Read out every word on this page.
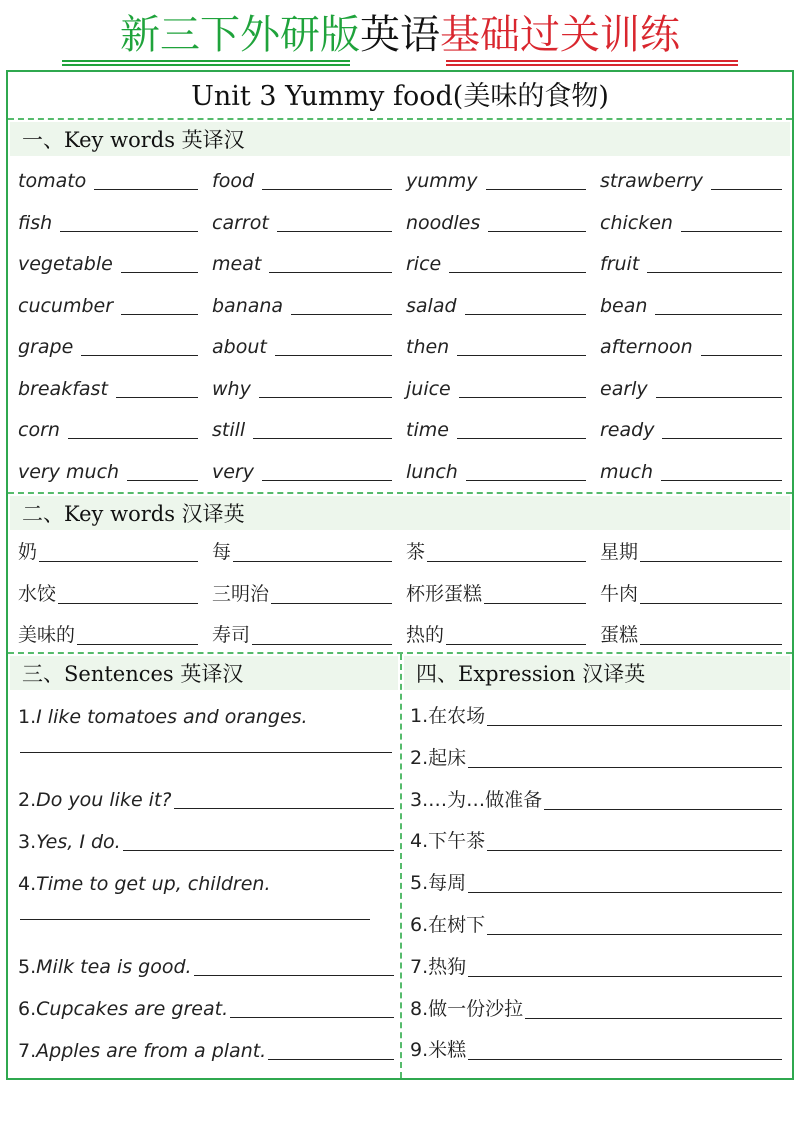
新三下外研版英语基础过关训练
Unit 3 Yummy food(美味的食物)
一、Key words 英译汉
tomato	food	yummy	strawberry
fish	carrot	noodles	chicken
vegetable	meat	rice	fruit
cucumber	banana	salad	bean
grape	about	then	afternoon
breakfast	why	juice	early
corn	still	time	ready
very much	very	lunch	much
二、Key words 汉译英
奶	每	茶	星期
水饺	三明治	杯形蛋糕	牛肉
美味的	寿司	热的	蛋糕
三、Sentences 英译汉
1.I like tomatoes and oranges.
2.Do you like it?
3.Yes, I do.
4.Time to get up, children.
5.Milk tea is good.
6.Cupcakes are great.
7.Apples are from a plant.
四、Expression 汉译英
1.在农场
2.起床
3.…为…做准备
4.下午茶
5.每周
6.在树下
7.热狗
8.做一份沙拉
9.米糕
